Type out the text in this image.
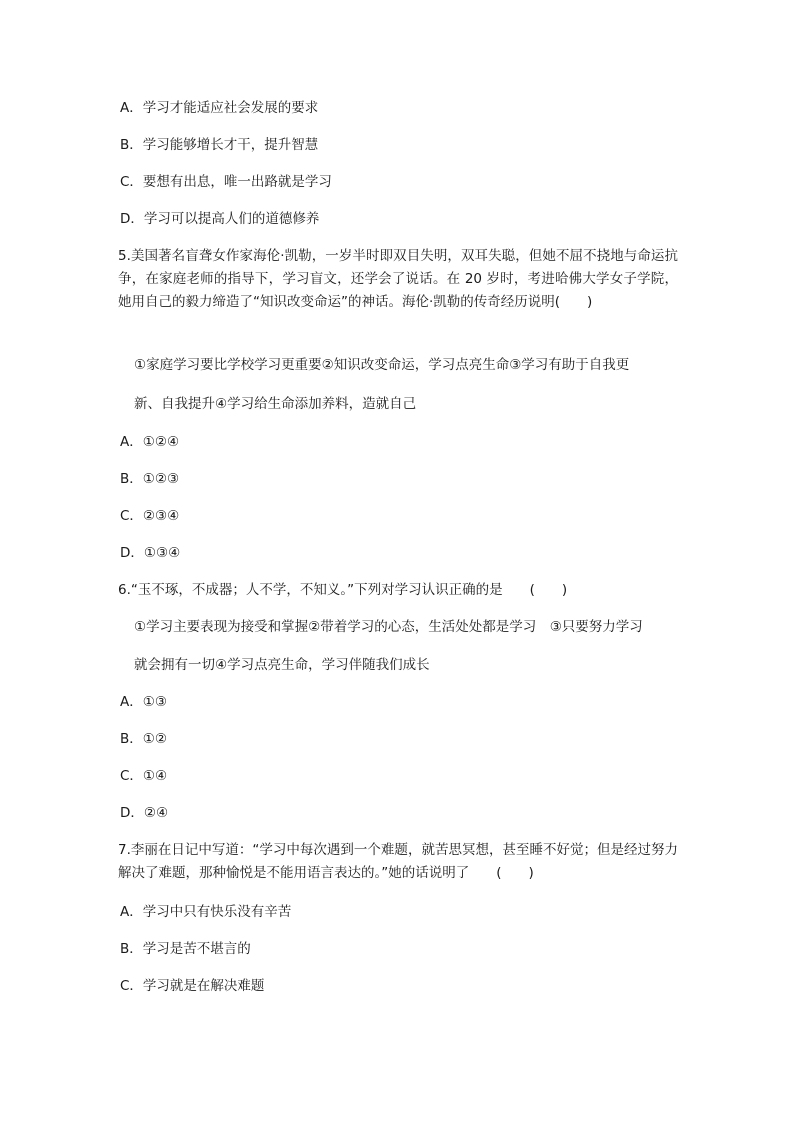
A．学习才能适应社会发展的要求
B．学习能够增长才干，提升智慧
C．要想有出息，唯一出路就是学习
D．学习可以提高人们的道德修养
5.美国著名盲聋女作家海伦·凯勒，一岁半时即双目失明，双耳失聪，但她不屈不挠地与命运抗争，在家庭老师的指导下，学习盲文，还学会了说话。在 20 岁时，考进哈佛大学女子学院，她用自己的毅力缔造了“知识改变命运”的神话。海伦·凯勒的传奇经历说明(　　)
①家庭学习要比学校学习更重要②知识改变命运，学习点亮生命③学习有助于自我更
新、自我提升④学习给生命添加养料，造就自己
A．①②④
B．①②③
C．②③④
D．①③④
6.“玉不琢，不成器；人不学，不知义。”下列对学习认识正确的是　　(　　)
①学习主要表现为接受和掌握②带着学习的心态，生活处处都是学习　③只要努力学习
就会拥有一切④学习点亮生命，学习伴随我们成长
A．①③
B．①②
C．①④
D．②④
7.李丽在日记中写道：“学习中每次遇到一个难题，就苦思冥想，甚至睡不好觉；但是经过努力解决了难题，那种愉悦是不能用语言表达的。”她的话说明了　　(　　)
A．学习中只有快乐没有辛苦
B．学习是苦不堪言的
C．学习就是在解决难题
